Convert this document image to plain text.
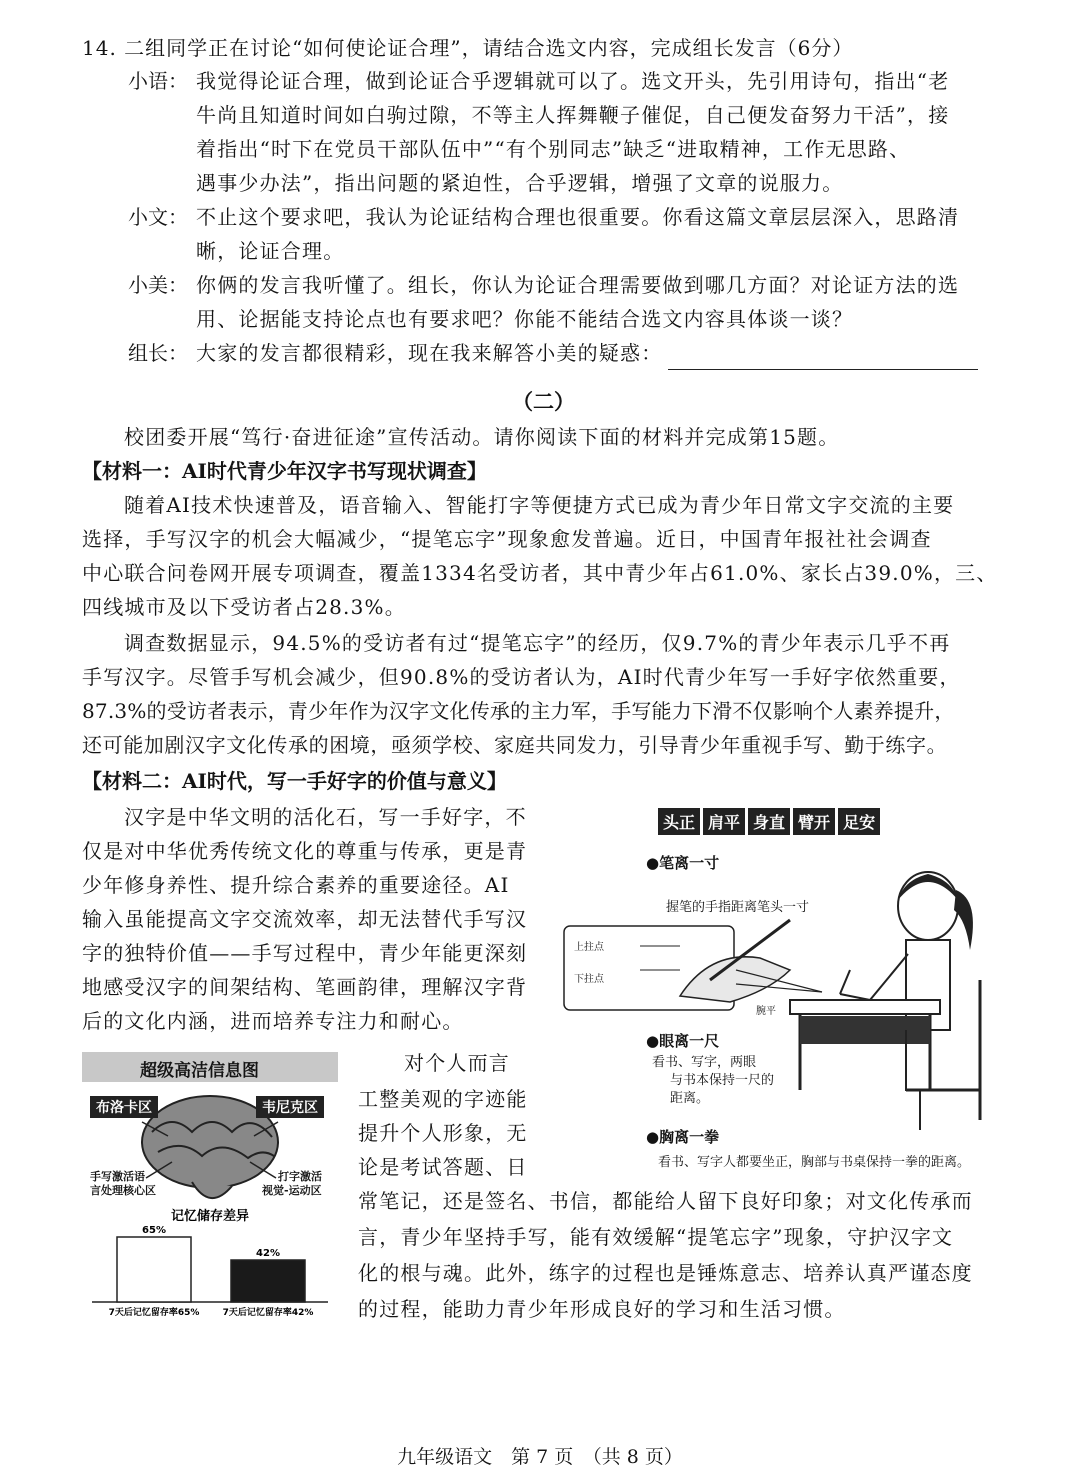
14. 二组同学正在讨论“如何使论证合理”，请结合选文内容，完成组长发言（6分）
小语： 我觉得论证合理，做到论证合乎逻辑就可以了。选文开头，先引用诗句，指出“老
牛尚且知道时间如白驹过隙，不等主人挥舞鞭子催促，自己便发奋努力干活”，接
着指出“时下在党员干部队伍中”“有个别同志”缺乏“进取精神，工作无思路、
遇事少办法”，指出问题的紧迫性，合乎逻辑，增强了文章的说服力。
小文： 不止这个要求吧，我认为论证结构合理也很重要。你看这篇文章层层深入，思路清
晰，论证合理。
小美： 你俩的发言我听懂了。组长，你认为论证合理需要做到哪几方面？对论证方法的选
用、论据能支持论点也有要求吧？你能不能结合选文内容具体谈一谈？
组长： 大家的发言都很精彩，现在我来解答小美的疑惑：
（二）
校团委开展“笃行·奋进征途”宣传活动。请你阅读下面的材料并完成第15题。
【材料一：AI时代青少年汉字书写现状调查】
随着AI技术快速普及，语音输入、智能打字等便捷方式已成为青少年日常文字交流的主要
选择，手写汉字的机会大幅减少，“提笔忘字”现象愈发普遍。近日，中国青年报社社会调查
中心联合问卷网开展专项调查，覆盖1334名受访者，其中青少年占61.0%、家长占39.0%，三、
四线城市及以下受访者占28.3%。
调查数据显示，94.5%的受访者有过“提笔忘字”的经历，仅9.7%的青少年表示几乎不再
手写汉字。尽管手写机会减少，但90.8%的受访者认为，AI时代青少年写一手好字依然重要，
87.3%的受访者表示，青少年作为汉字文化传承的主力军，手写能力下滑不仅影响个人素养提升，
还可能加剧汉字文化传承的困境，亟须学校、家庭共同发力，引导青少年重视手写、勤于练字。
【材料二：AI时代，写一手好字的价值与意义】
汉字是中华文明的活化石，写一手好字，不
仅是对中华优秀传统文化的尊重与传承，更是青
少年修身养性、提升综合素养的重要途径。AI
输入虽能提高文字交流效率，却无法替代手写汉
字的独特价值——手写过程中，青少年能更深刻
地感受汉字的间架结构、笔画韵律，理解汉字背
后的文化内涵，进而培养专注力和耐心。
对个人而言
工整美观的字迹能
提升个人形象，无
论是考试答题、日
常笔记，还是签名、书信，都能给人留下良好印象；对文化传承而
言，青少年坚持手写，能有效缓解“提笔忘字”现象，守护汉字文
化的根与魂。此外，练字的过程也是锤炼意志、培养认真严谨态度
的过程，能助力青少年形成良好的学习和生活习惯。
头正 肩平 身直 臂开 足安
●笔离一寸
握笔的手指距离笔头一寸
上拄点
下拄点
腕平
●眼离一尺
看书、写字，两眼
与书本保持一尺的
距离。
●胸离一拳
看书、写字人都要坐正，胸部与书桌保持一拳的距离。
超级高洁信息图
布洛卡区	韦尼克区
手写激活语
言处理核心区
打字激活
视觉-运动区
记忆储存差异
65%
7天后记忆留存率65%
42%
7天后记忆留存率42%
九年级语文　第 7 页　（共 8 页）
